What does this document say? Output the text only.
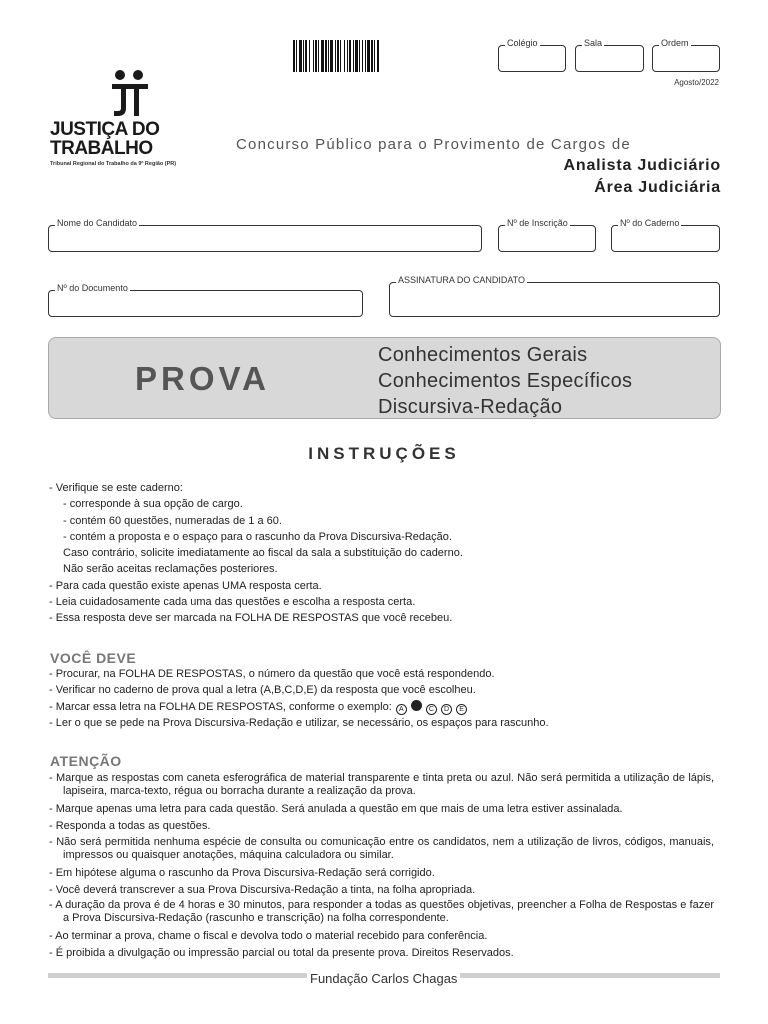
Colégio	Sala	Ordem
Agosto/2022
JUSTIÇA DO TRABALHO
Tribunal Regional do Trabalho da 9ª Região (PR)
Concurso Público para o Provimento de Cargos de
Analista Judiciário
Área Judiciária
Nome do Candidato	Nº de Inscrição	Nº do Caderno
Nº do Documento
ASSINATURA DO CANDIDATO
PROVA
Conhecimentos Gerais
Conhecimentos Específicos
Discursiva-Redação
INSTRUÇÕES

- Verifique se este caderno:

- corresponde à sua opção de cargo.

- contém 60 questões, numeradas de 1 a 60.

- contém a proposta e o espaço para o rascunho da Prova Discursiva-Redação.

Caso contrário, solicite imediatamente ao fiscal da sala a substituição do caderno.

Não serão aceitas reclamações posteriores.

- Para cada questão existe apenas UMA resposta certa.

- Leia cuidadosamente cada uma das questões e escolha a resposta certa.

- Essa resposta deve ser marcada na FOLHA DE RESPOSTAS que você recebeu.

VOCÊ DEVE

- Procurar, na FOLHA DE RESPOSTAS, o número da questão que você está respondendo.

- Verificar no caderno de prova qual a letra (A,B,C,D,E) da resposta que você escolheu.

- Marcar essa letra na FOLHA DE RESPOSTAS, conforme o exemplo: A	C D E

- Ler o que se pede na Prova Discursiva-Redação e utilizar, se necessário, os espaços para rascunho.

ATENÇÃO

- Marque as respostas com caneta esferográfica de material transparente e tinta preta ou azul. Não será permitida a utilização de lápis, lapiseira, marca-texto, régua ou borracha durante a realização da prova.

- Marque apenas uma letra para cada questão. Será anulada a questão em que mais de uma letra estiver assinalada.

- Responda a todas as questões.

- Não será permitida nenhuma espécie de consulta ou comunicação entre os candidatos, nem a utilização de livros, códigos, manuais, impressos ou quaisquer anotações, máquina calculadora ou similar.

- Em hipótese alguma o rascunho da Prova Discursiva-Redação será corrigido.

- Você deverá transcrever a sua Prova Discursiva-Redação a tinta, na folha apropriada.

- A duração da prova é de 4 horas e 30 minutos, para responder a todas as questões objetivas, preencher a Folha de Respostas e fazer a Prova Discursiva-Redação (rascunho e transcrição) na folha correspondente.

- Ao terminar a prova, chame o fiscal e devolva todo o material recebido para conferência.

- É proibida a divulgação ou impressão parcial ou total da presente prova. Direitos Reservados.

Fundação Carlos Chagas
